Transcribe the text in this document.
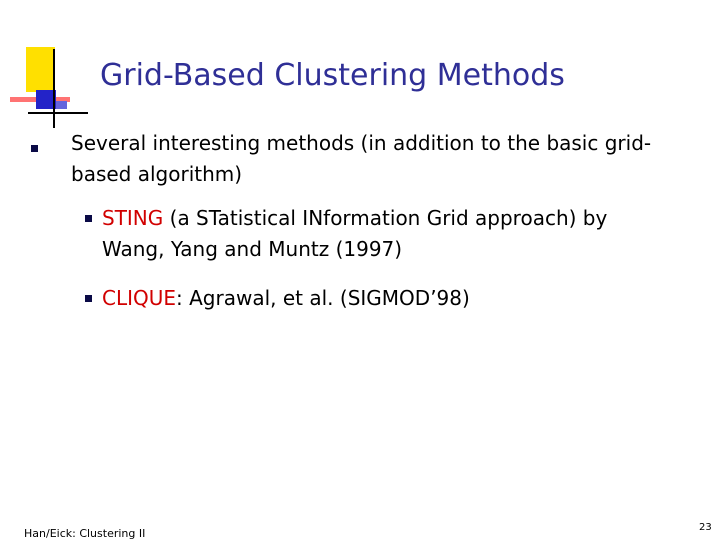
Grid-Based Clustering Methods
Several interesting methods (in addition to the basic grid-
based algorithm)
STING (a STatistical INformation Grid approach) by
Wang, Yang and Muntz (1997)
CLIQUE: Agrawal, et al. (SIGMOD’98)
Han/Eick: Clustering II	23
